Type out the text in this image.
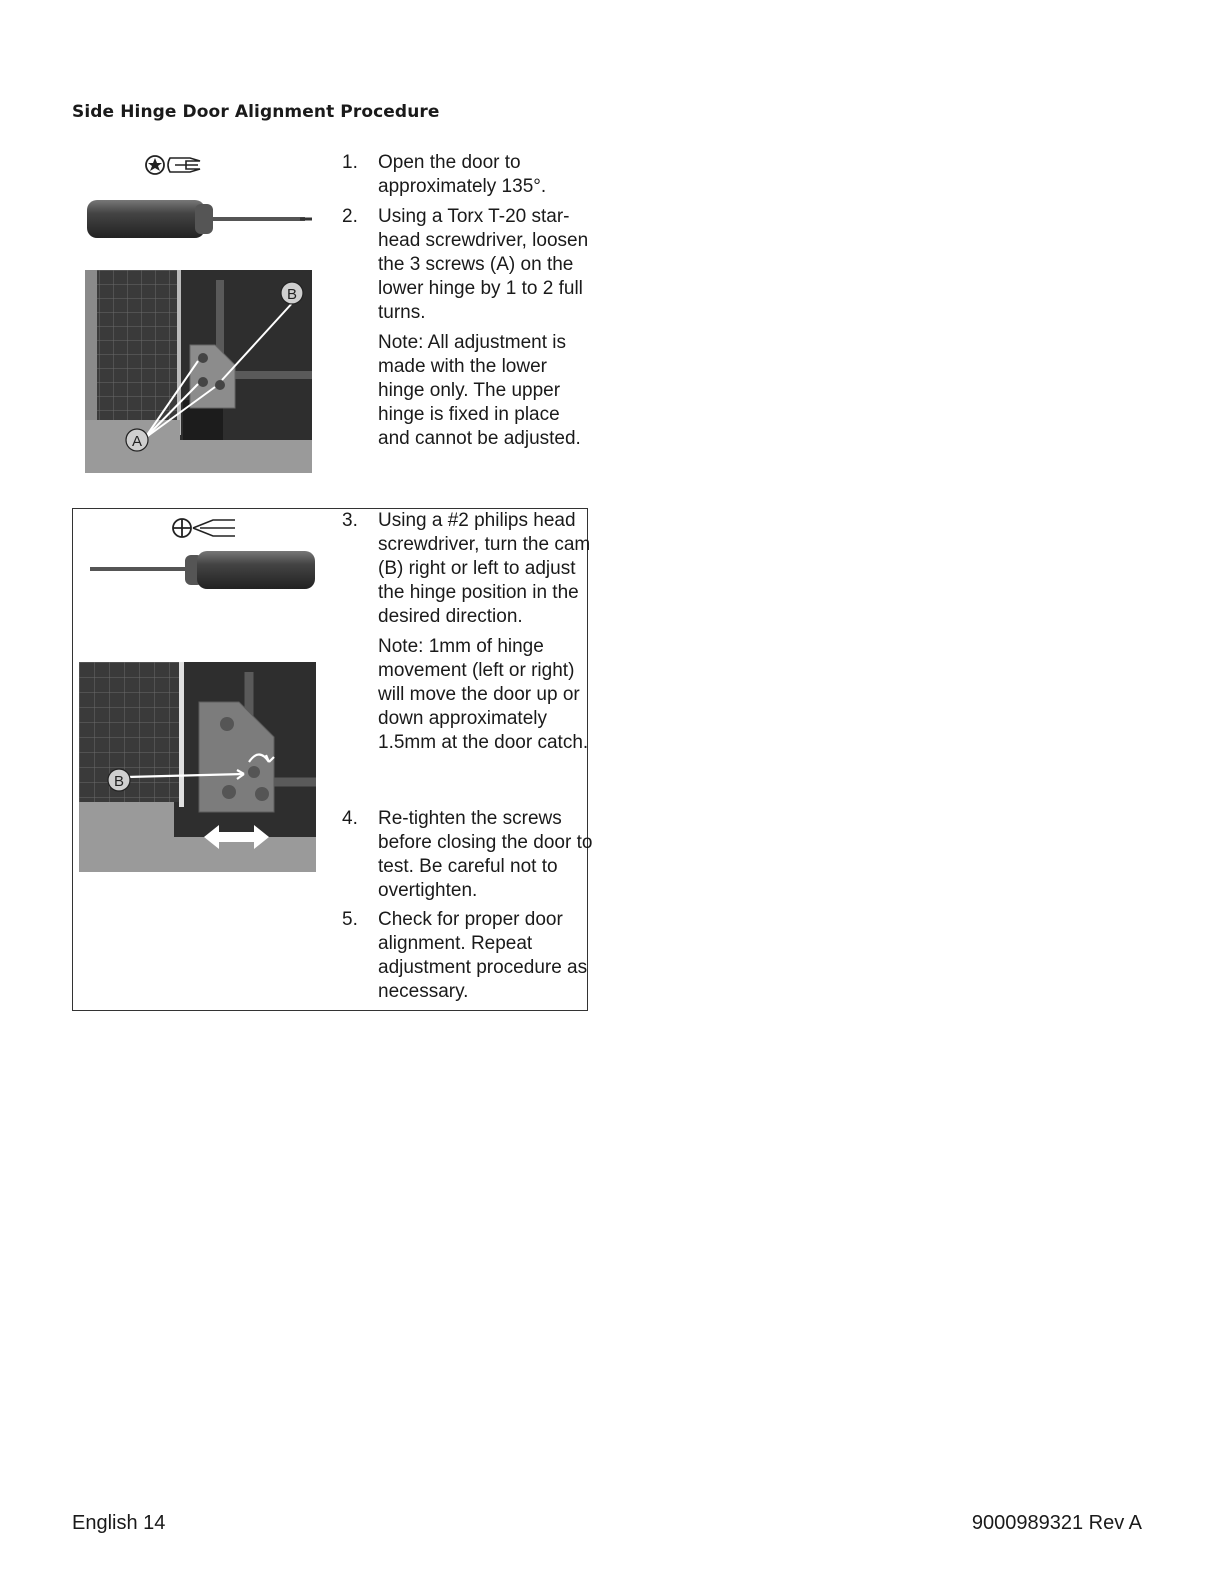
Side Hinge Door Alignment Procedure
A
B
B
1. Open the door to approximately 135°.

2. Using a Torx T-20 star-head screwdriver, loosen the 3 screws (A) on the lower hinge by 1 to 2 full turns.

Note: All adjustment is made with the lower hinge only. The upper hinge is fixed in place and cannot be adjusted.

3. Using a #2 philips head screwdriver, turn the cam (B) right or left to adjust the hinge position in the desired direction.

Note: 1mm of hinge movement (left or right) will move the door up or down approximately 1.5mm at the door catch.

4. Re-tighten the screws before closing the door to test. Be careful not to overtighten.

5. Check for proper door alignment. Repeat adjustment procedure as necessary.

English 14	9000989321 Rev A
